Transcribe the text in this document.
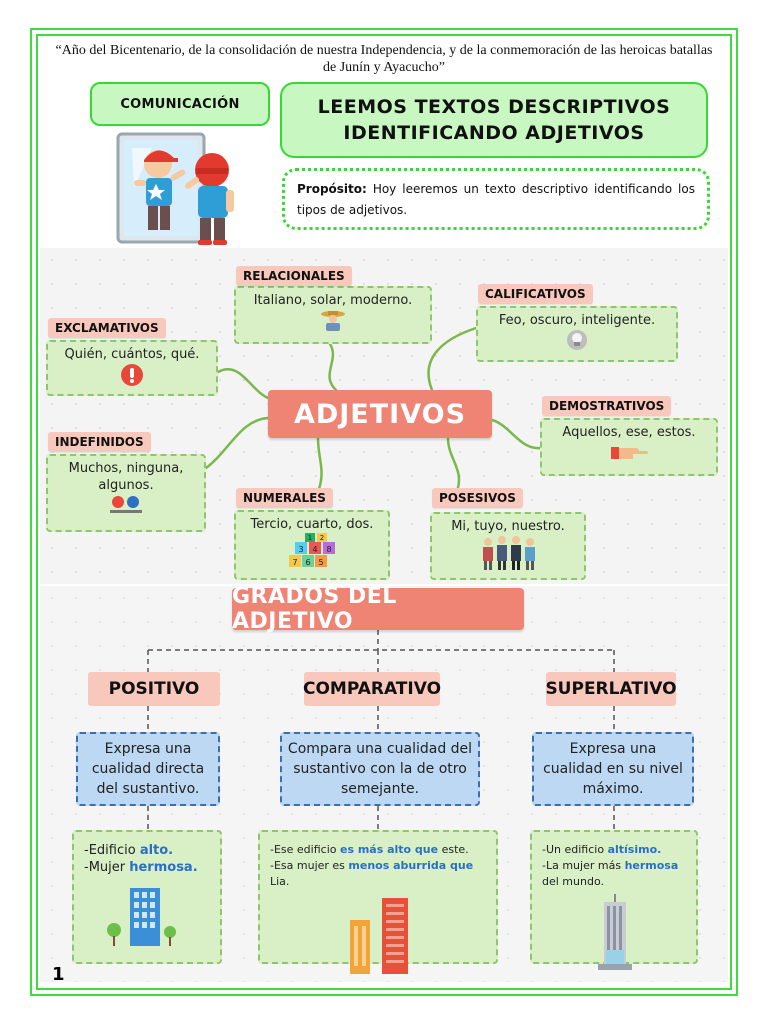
“Año del Bicentenario, de la consolidación de nuestra Independencia, y de la conmemoración de las heroicas batallas de Junín y Ayacucho”
COMUNICACIÓN	LEEMOS TEXTOS DESCRIPTIVOS
IDENTIFICANDO ADJETIVOS
Propósito: Hoy leeremos un texto descriptivo identificando los tipos de adjetivos.
Italiano, solar, moderno.
RELACIONALES
Feo, oscuro, inteligente.
CALIFICATIVOS
Quién, cuántos, qué.
EXCLAMATIVOS
Aquellos, ese, estos.
DEMOSTRATIVOS
Muchos, ninguna, algunos.
INDEFINIDOS
Tercio, cuarto, dos.
7 6 5
3 4 8
1 2
NUMERALES
Mi, tuyo, nuestro.
POSESIVOS
ADJETIVOS
GRADOS DEL ADJETIVO
POSITIVO	COMPARATIVO	SUPERLATIVO
Expresa una cualidad directa del sustantivo.
Compara una cualidad del sustantivo con la de otro semejante.
Expresa una cualidad en su nivel máximo.
-Edificio alto.
-Mujer hermosa.
-Ese edificio es más alto que este.
-Esa mujer es menos aburrida que Lia.
-Un edificio altísimo.
-La mujer más hermosa del mundo.
1
